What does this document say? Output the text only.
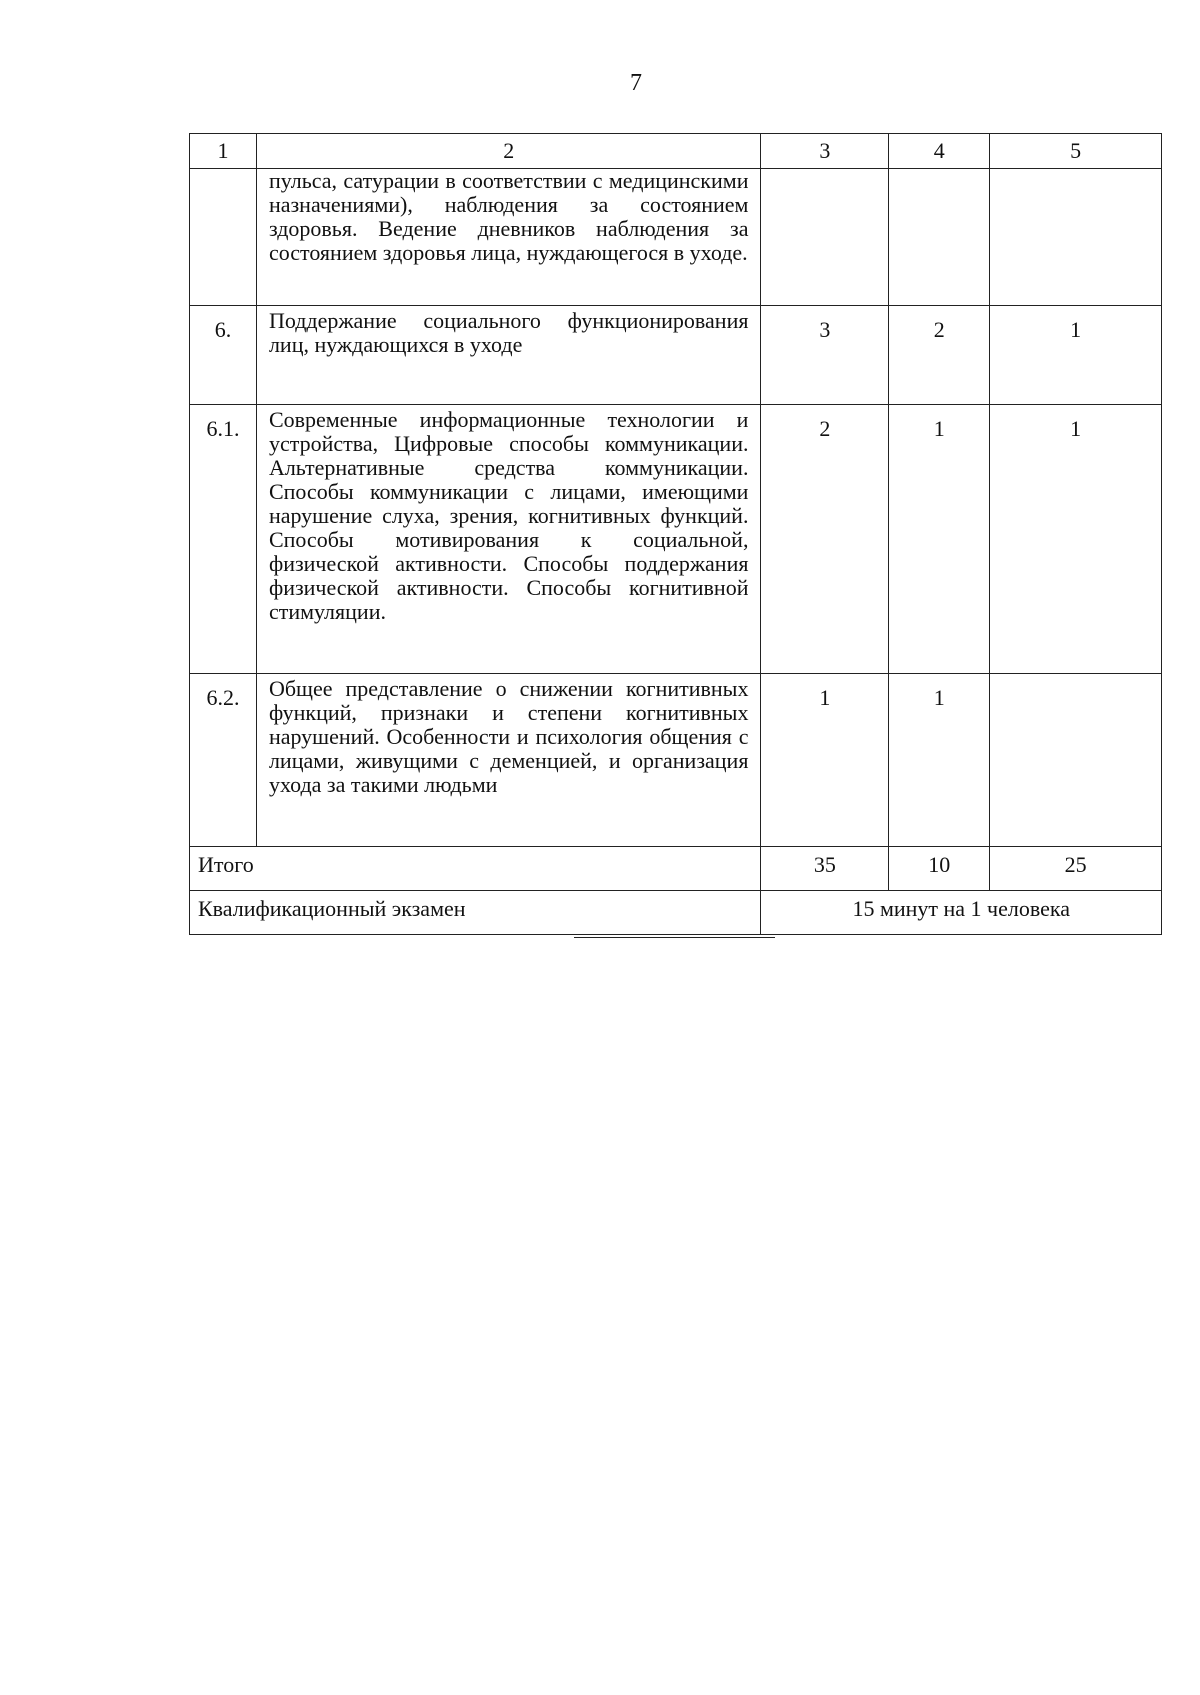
7
1	2	3	4	5
	пульса, сатурации в соответствии с медицинскими назначениями), наблюдения за состоянием здоровья. Ведение дневников наблюдения за состоянием здоровья лица, нуждающегося в уходе.			
6.	Поддержание социального функционирования лиц, нуждающихся в уходе	3	2	1
6.1.	Современные информационные технологии и устройства, Цифровые способы коммуникации. Альтернативные средства коммуникации. Способы коммуникации с лицами, имеющими нарушение слуха, зрения, когнитивных функций. Способы мотивирования к социальной, физической активности. Способы поддержания физической активности. Способы когнитивной стимуляции.	2	1	1
6.2.	Общее представление о снижении когнитивных функций, признаки и степени когнитивных нарушений. Особенности и психология общения с лицами, живущими с деменцией, и организация ухода за такими людьми	1	1	
Итого		35	10	25
Квалификационный экзамен		15 минут на 1 человека		
